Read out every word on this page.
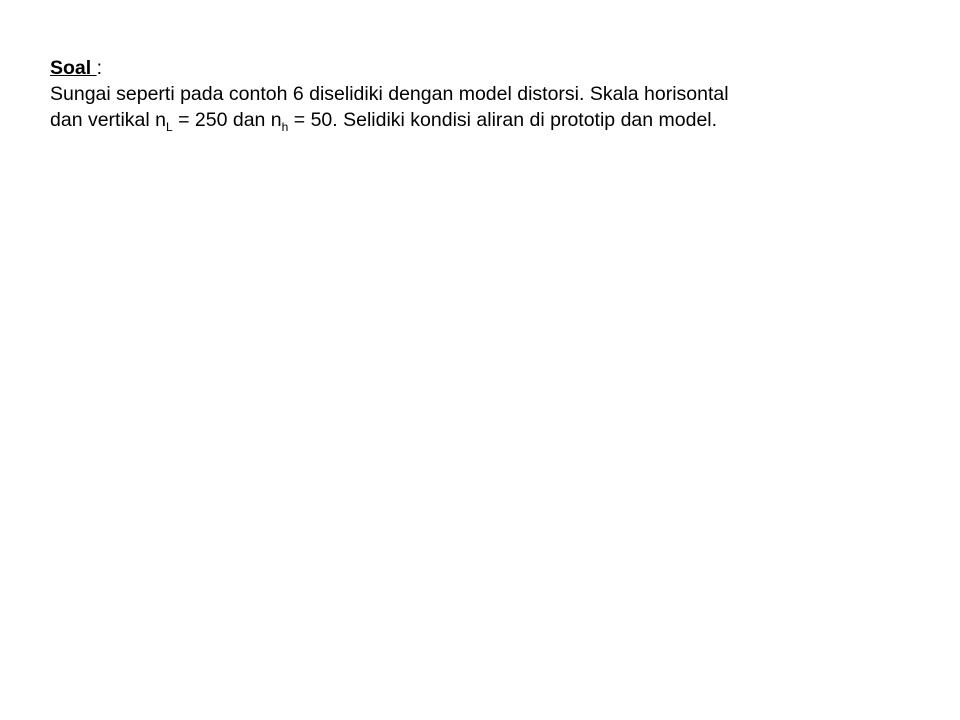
Soal :

Sungai seperti pada contoh 6 diselidiki dengan model distorsi. Skala horisontal

dan vertikal $n_L = 250$ dan $n_h = 50$. Selidiki kondisi aliran di prototip dan model.
